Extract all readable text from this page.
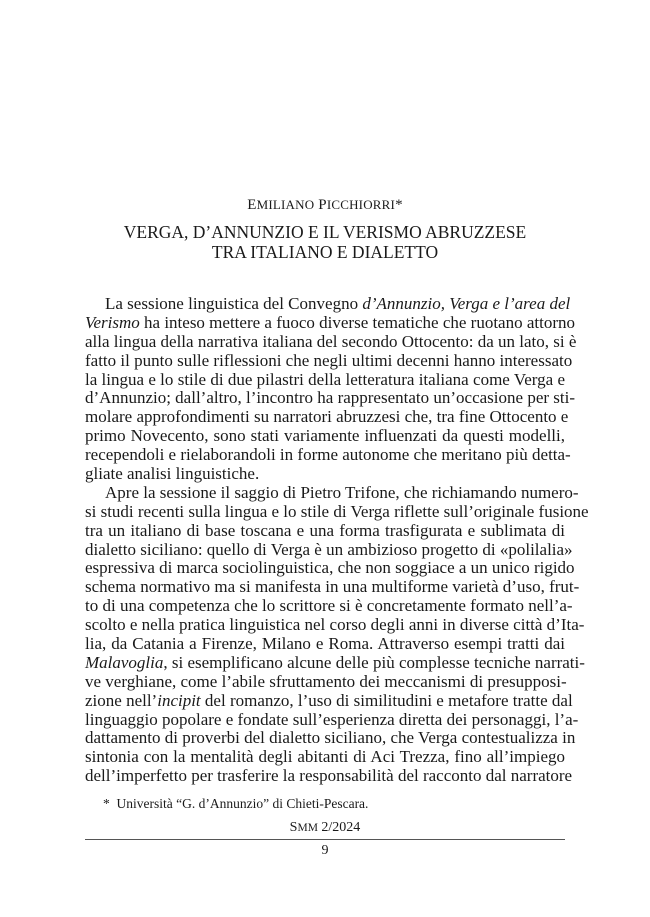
EMILIANO PICCHIORRI*
VERGA, D’ANNUNZIO E IL VERISMO ABRUZZESE
TRA ITALIANO E DIALETTO
La sessione linguistica del Convegno d’Annunzio, Verga e l’area del
Verismo ha inteso mettere a fuoco diverse tematiche che ruotano attorno
alla lingua della narrativa italiana del secondo Ottocento: da un lato, si è
fatto il punto sulle riflessioni che negli ultimi decenni hanno interessato
la lingua e lo stile di due pilastri della letteratura italiana come Verga e
d’Annunzio; dall’altro, l’incontro ha rappresentato un’occasione per sti-
molare approfondimenti su narratori abruzzesi che, tra fine Ottocento e
primo Novecento, sono stati variamente influenzati da questi modelli,
recependoli e rielaborandoli in forme autonome che meritano più detta-
gliate analisi linguistiche.
Apre la sessione il saggio di Pietro Trifone, che richiamando numero-
si studi recenti sulla lingua e lo stile di Verga riflette sull’originale fusione
tra un italiano di base toscana e una forma trasfigurata e sublimata di
dialetto siciliano: quello di Verga è un ambizioso progetto di «polilalia»
espressiva di marca sociolinguistica, che non soggiace a un unico rigido
schema normativo ma si manifesta in una multiforme varietà d’uso, frut-
to di una competenza che lo scrittore si è concretamente formato nell’a-
scolto e nella pratica linguistica nel corso degli anni in diverse città d’Ita-
lia, da Catania a Firenze, Milano e Roma. Attraverso esempi tratti dai
Malavoglia, si esemplificano alcune delle più complesse tecniche narrati-
ve verghiane, come l’abile sfruttamento dei meccanismi di presupposi-
zione nell’incipit del romanzo, l’uso di similitudini e metafore tratte dal
linguaggio popolare e fondate sull’esperienza diretta dei personaggi, l’a-
dattamento di proverbi del dialetto siciliano, che Verga contestualizza in
sintonia con la mentalità degli abitanti di Aci Trezza, fino all’impiego
dell’imperfetto per trasferire la responsabilità del racconto dal narratore
* Università “G. d’Annunzio” di Chieti-Pescara.
SMM 2/2024
9
